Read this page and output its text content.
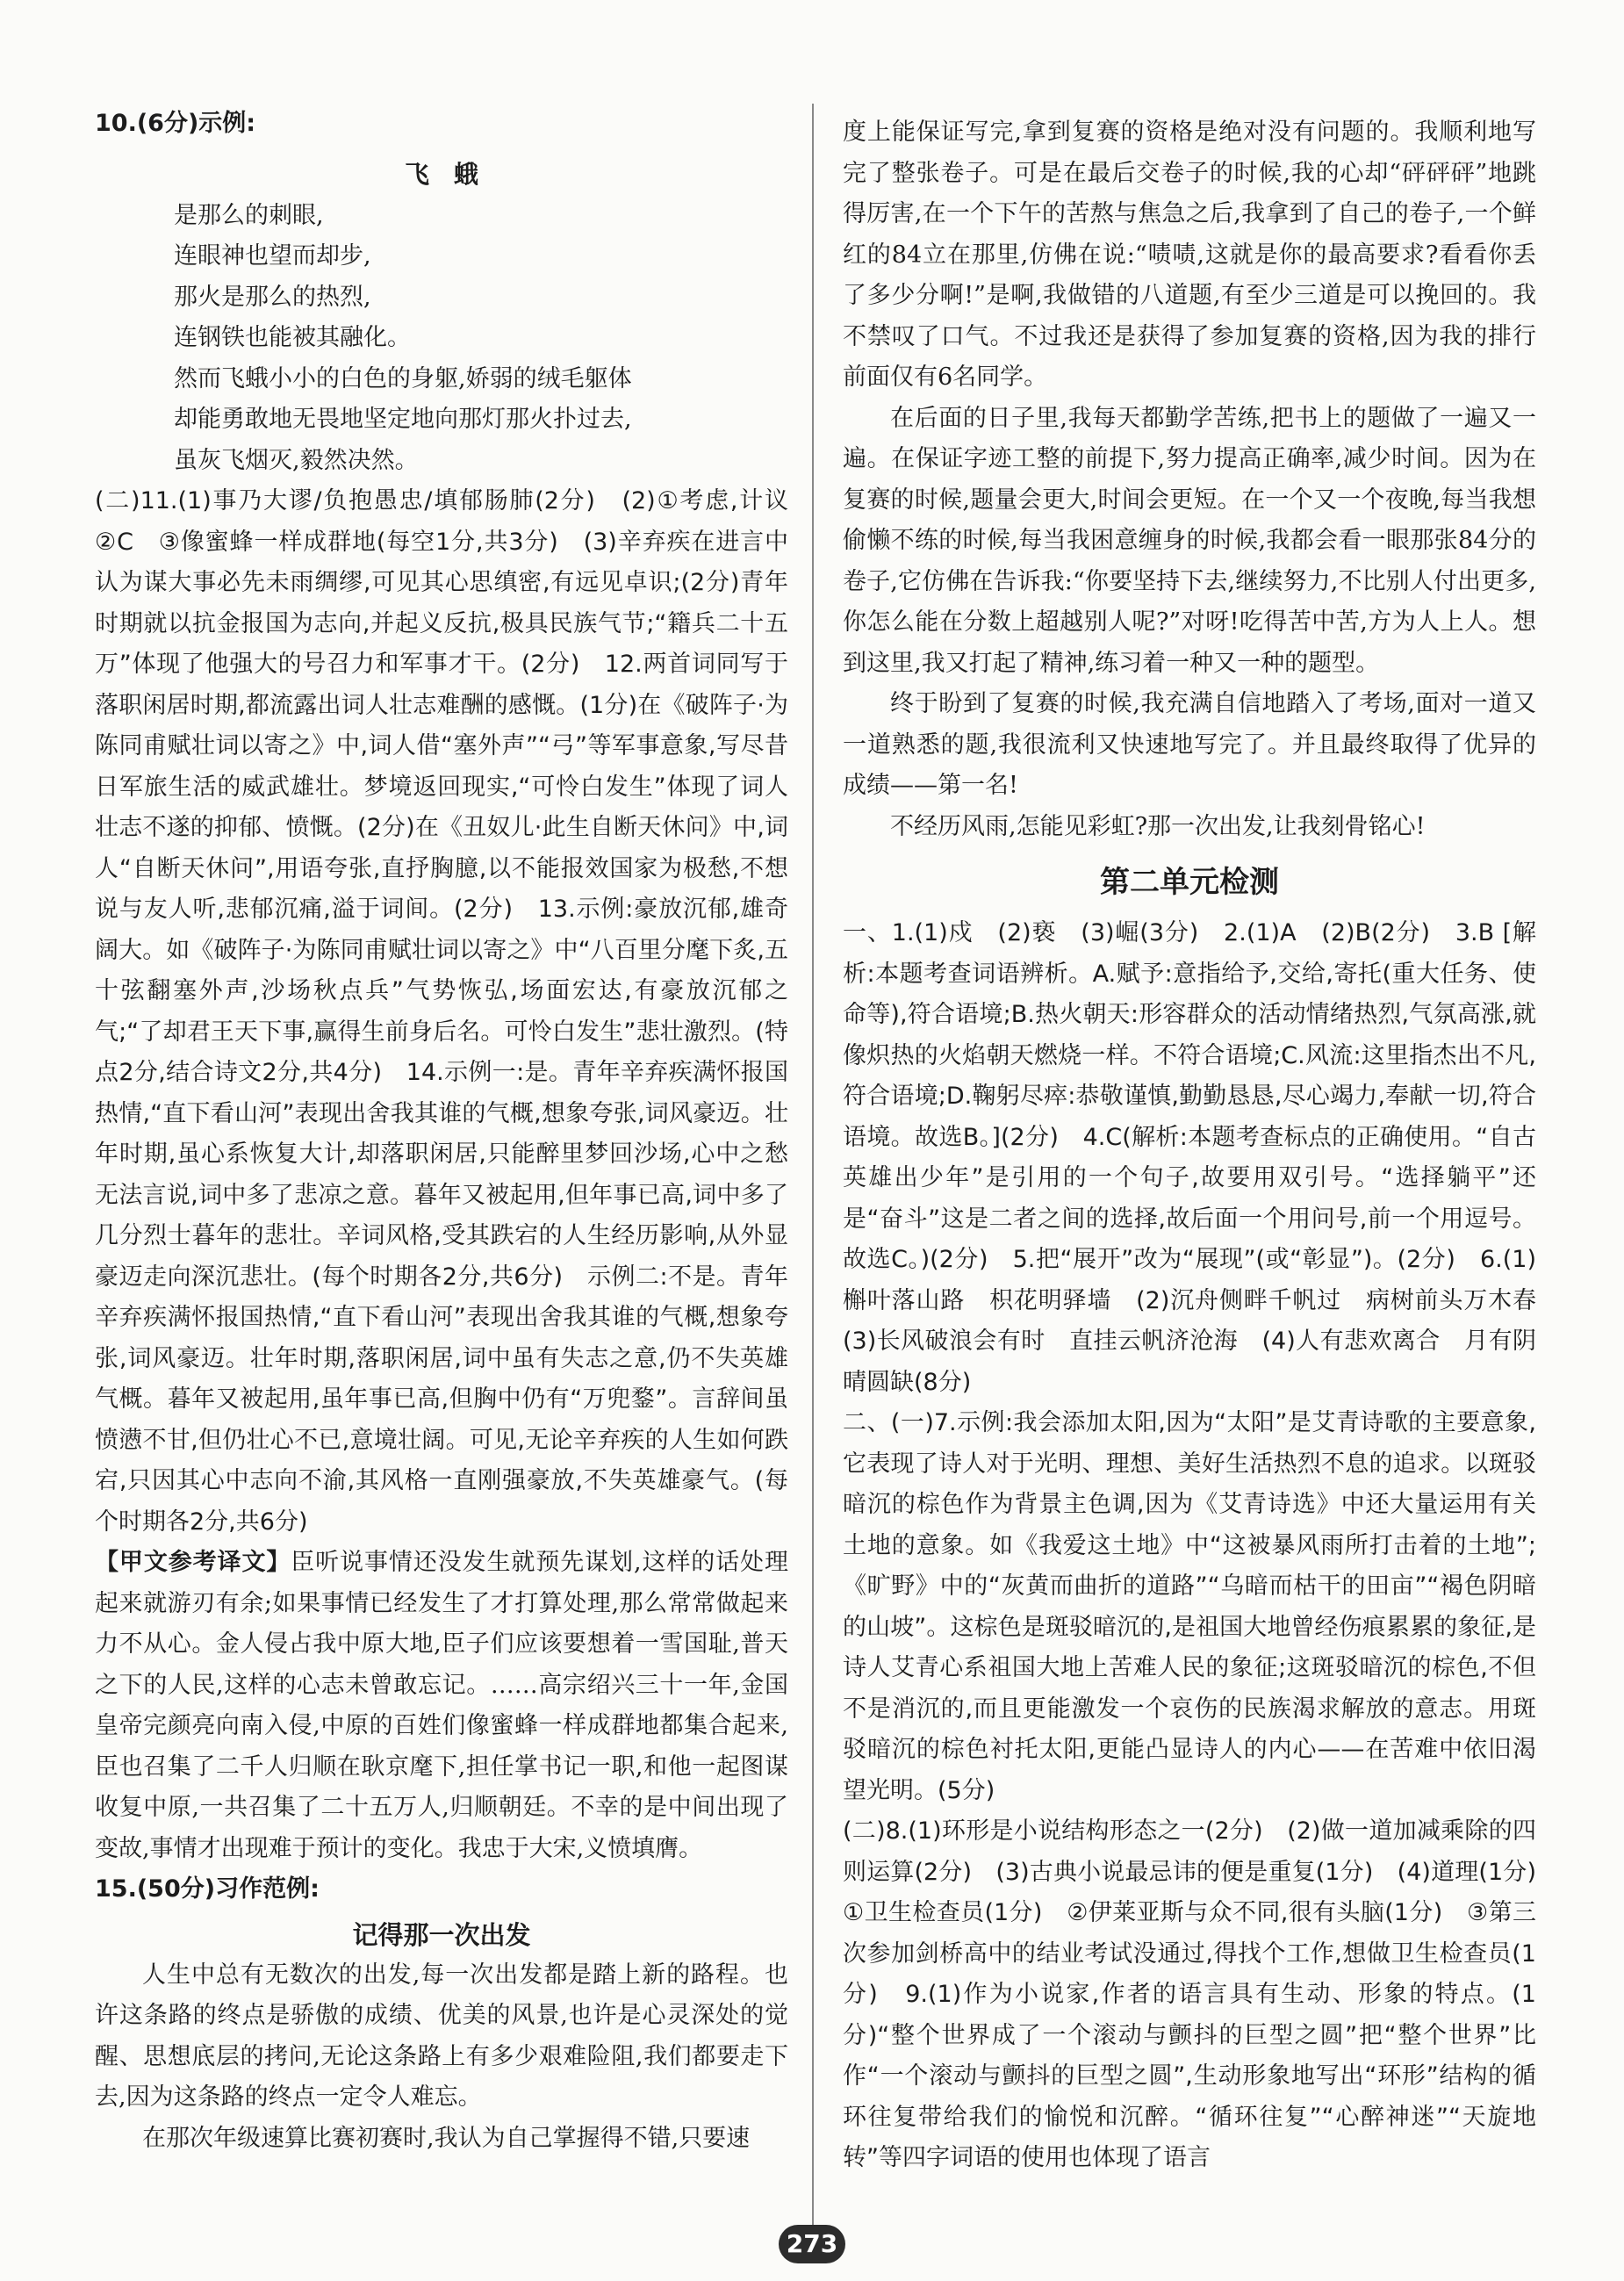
10.(6分)示例:

飞　蛾

是那么的刺眼,

连眼神也望而却步,

那火是那么的热烈,

连钢铁也能被其融化。

然而飞蛾小小的白色的身躯,娇弱的绒毛躯体

却能勇敢地无畏地坚定地向那灯那火扑过去,

虽灰飞烟灭,毅然决然。

(二)11.(1)事乃大谬/负抱愚忠/填郁肠肺(2分)　(2)①考虑,计议　②C　③像蜜蜂一样成群地(每空1分,共3分)　(3)辛弃疾在进言中认为谋大事必先未雨绸缪,可见其心思缜密,有远见卓识;(2分)青年时期就以抗金报国为志向,并起义反抗,极具民族气节;“籍兵二十五万”体现了他强大的号召力和军事才干。(2分)　12.两首词同写于落职闲居时期,都流露出词人壮志难酬的感慨。(1分)在《破阵子·为陈同甫赋壮词以寄之》中,词人借“塞外声”“弓”等军事意象,写尽昔日军旅生活的威武雄壮。梦境返回现实,“可怜白发生”体现了词人壮志不遂的抑郁、愤慨。(2分)在《丑奴儿·此生自断天休问》中,词人“自断天休问”,用语夸张,直抒胸臆,以不能报效国家为极愁,不想说与友人听,悲郁沉痛,溢于词间。(2分)　13.示例:豪放沉郁,雄奇阔大。如《破阵子·为陈同甫赋壮词以寄之》中“八百里分麾下炙,五十弦翻塞外声,沙场秋点兵”气势恢弘,场面宏达,有豪放沉郁之气;“了却君王天下事,赢得生前身后名。可怜白发生”悲壮激烈。(特点2分,结合诗文2分,共4分)　14.示例一:是。青年辛弃疾满怀报国热情,“直下看山河”表现出舍我其谁的气概,想象夸张,词风豪迈。壮年时期,虽心系恢复大计,却落职闲居,只能醉里梦回沙场,心中之愁无法言说,词中多了悲凉之意。暮年又被起用,但年事已高,词中多了几分烈士暮年的悲壮。辛词风格,受其跌宕的人生经历影响,从外显豪迈走向深沉悲壮。(每个时期各2分,共6分)　示例二:不是。青年辛弃疾满怀报国热情,“直下看山河”表现出舍我其谁的气概,想象夸张,词风豪迈。壮年时期,落职闲居,词中虽有失志之意,仍不失英雄气概。暮年又被起用,虽年事已高,但胸中仍有“万兜鍪”。言辞间虽愤懑不甘,但仍壮心不已,意境壮阔。可见,无论辛弃疾的人生如何跌宕,只因其心中志向不渝,其风格一直刚强豪放,不失英雄豪气。(每个时期各2分,共6分)

【甲文参考译文】臣听说事情还没发生就预先谋划,这样的话处理起来就游刃有余;如果事情已经发生了才打算处理,那么常常做起来力不从心。金人侵占我中原大地,臣子们应该要想着一雪国耻,普天之下的人民,这样的心志未曾敢忘记。……高宗绍兴三十一年,金国皇帝完颜亮向南入侵,中原的百姓们像蜜蜂一样成群地都集合起来,臣也召集了二千人归顺在耿京麾下,担任掌书记一职,和他一起图谋收复中原,一共召集了二十五万人,归顺朝廷。不幸的是中间出现了变故,事情才出现难于预计的变化。我忠于大宋,义愤填膺。

15.(50分)习作范例:

记得那一次出发

人生中总有无数次的出发,每一次出发都是踏上新的路程。也许这条路的终点是骄傲的成绩、优美的风景,也许是心灵深处的觉醒、思想底层的拷问,无论这条路上有多少艰难险阻,我们都要走下去,因为这条路的终点一定令人难忘。

在那次年级速算比赛初赛时,我认为自己掌握得不错,只要速

度上能保证写完,拿到复赛的资格是绝对没有问题的。我顺利地写完了整张卷子。可是在最后交卷子的时候,我的心却“砰砰砰”地跳得厉害,在一个下午的苦熬与焦急之后,我拿到了自己的卷子,一个鲜红的84立在那里,仿佛在说:“啧啧,这就是你的最高要求?看看你丢了多少分啊!”是啊,我做错的八道题,有至少三道是可以挽回的。我不禁叹了口气。不过我还是获得了参加复赛的资格,因为我的排行前面仅有6名同学。

在后面的日子里,我每天都勤学苦练,把书上的题做了一遍又一遍。在保证字迹工整的前提下,努力提高正确率,减少时间。因为在复赛的时候,题量会更大,时间会更短。在一个又一个夜晚,每当我想偷懒不练的时候,每当我困意缠身的时候,我都会看一眼那张84分的卷子,它仿佛在告诉我:“你要坚持下去,继续努力,不比别人付出更多,你怎么能在分数上超越别人呢?”对呀!吃得苦中苦,方为人上人。想到这里,我又打起了精神,练习着一种又一种的题型。

终于盼到了复赛的时候,我充满自信地踏入了考场,面对一道又一道熟悉的题,我很流利又快速地写完了。并且最终取得了优异的成绩——第一名!

不经历风雨,怎能见彩虹?那一次出发,让我刻骨铭心!

第二单元检测

一、1.(1)戍　(2)亵　(3)崛(3分)　2.(1)A　(2)B(2分)　3.B [解析:本题考查词语辨析。A.赋予:意指给予,交给,寄托(重大任务、使命等),符合语境;B.热火朝天:形容群众的活动情绪热烈,气氛高涨,就像炽热的火焰朝天燃烧一样。不符合语境;C.风流:这里指杰出不凡,符合语境;D.鞠躬尽瘁:恭敬谨慎,勤勤恳恳,尽心竭力,奉献一切,符合语境。故选B。](2分)　4.C(解析:本题考查标点的正确使用。“自古英雄出少年”是引用的一个句子,故要用双引号。“选择躺平”还是“奋斗”这是二者之间的选择,故后面一个用问号,前一个用逗号。故选C。)(2分)　5.把“展开”改为“展现”(或“彰显”)。(2分)　6.(1)槲叶落山路　枳花明驿墙　(2)沉舟侧畔千帆过　病树前头万木春　(3)长风破浪会有时　直挂云帆济沧海　(4)人有悲欢离合　月有阴晴圆缺(8分)

二、(一)7.示例:我会添加太阳,因为“太阳”是艾青诗歌的主要意象,它表现了诗人对于光明、理想、美好生活热烈不息的追求。以斑驳暗沉的棕色作为背景主色调,因为《艾青诗选》中还大量运用有关土地的意象。如《我爱这土地》中“这被暴风雨所打击着的土地”;《旷野》中的“灰黄而曲折的道路”“乌暗而枯干的田亩”“褐色阴暗的山坡”。这棕色是斑驳暗沉的,是祖国大地曾经伤痕累累的象征,是诗人艾青心系祖国大地上苦难人民的象征;这斑驳暗沉的棕色,不但不是消沉的,而且更能激发一个哀伤的民族渴求解放的意志。用斑驳暗沉的棕色衬托太阳,更能凸显诗人的内心——在苦难中依旧渴望光明。(5分)

(二)8.(1)环形是小说结构形态之一(2分)　(2)做一道加减乘除的四则运算(2分)　(3)古典小说最忌讳的便是重复(1分)　(4)道理(1分)　①卫生检查员(1分)　②伊莱亚斯与众不同,很有头脑(1分)　③第三次参加剑桥高中的结业考试没通过,得找个工作,想做卫生检查员(1分)　9.(1)作为小说家,作者的语言具有生动、形象的特点。(1分)“整个世界成了一个滚动与颤抖的巨型之圆”把“整个世界”比作“一个滚动与颤抖的巨型之圆”,生动形象地写出“环形”结构的循环往复带给我们的愉悦和沉醉。“循环往复”“心醉神迷”“天旋地转”等四字词语的使用也体现了语言

273
